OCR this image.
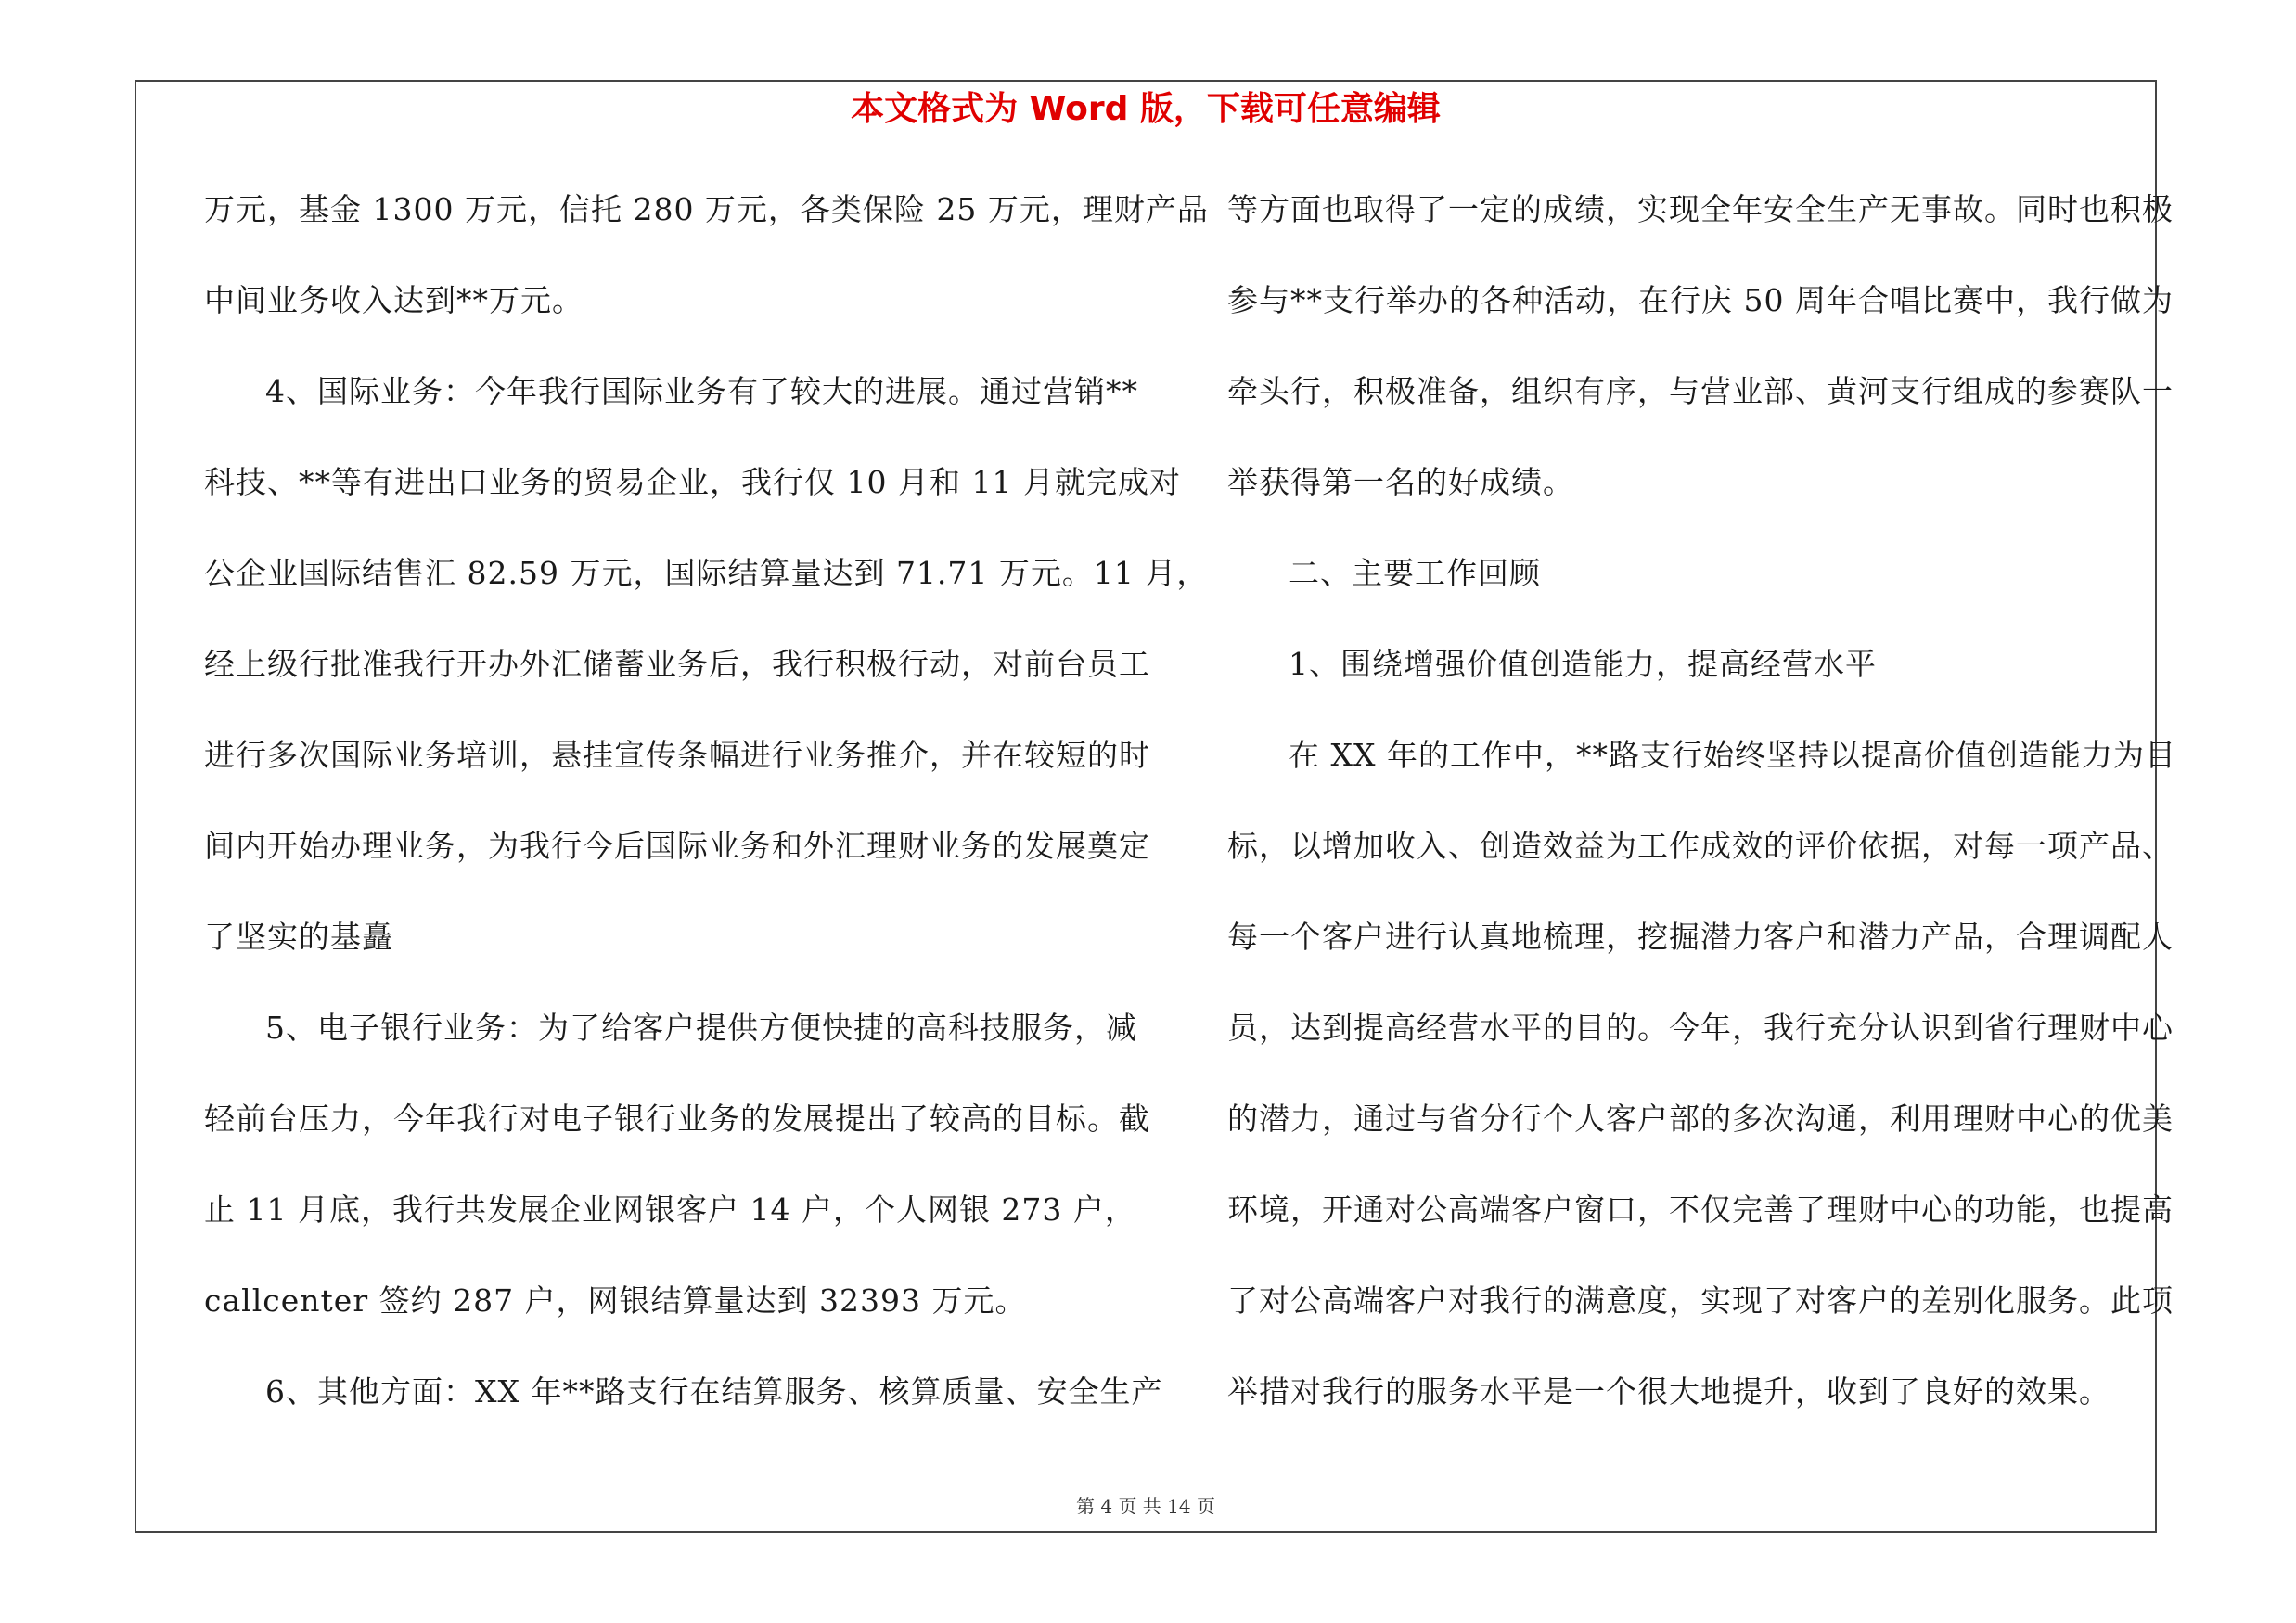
本文格式为 Word 版，下载可任意编辑
万元，基金 1300 万元，信托 280 万元，各类保险 25 万元，理财产品
中间业务收入达到**万元。
4、国际业务：今年我行国际业务有了较大的进展。通过营销**
科技、**等有进出口业务的贸易企业，我行仅 10 月和 11 月就完成对
公企业国际结售汇 82.59 万元，国际结算量达到 71.71 万元。11 月，
经上级行批准我行开办外汇储蓄业务后，我行积极行动，对前台员工
进行多次国际业务培训，悬挂宣传条幅进行业务推介，并在较短的时
间内开始办理业务，为我行今后国际业务和外汇理财业务的发展奠定
了坚实的基矗
5、电子银行业务：为了给客户提供方便快捷的高科技服务，减
轻前台压力，今年我行对电子银行业务的发展提出了较高的目标。截
止 11 月底，我行共发展企业网银客户 14 户，个人网银 273 户，
callcenter 签约 287 户，网银结算量达到 32393 万元。
6、其他方面：XX 年**路支行在结算服务、核算质量、安全生产
等方面也取得了一定的成绩，实现全年安全生产无事故。同时也积极
参与**支行举办的各种活动，在行庆 50 周年合唱比赛中，我行做为
牵头行，积极准备，组织有序，与营业部、黄河支行组成的参赛队一
举获得第一名的好成绩。
二、主要工作回顾
1、围绕增强价值创造能力，提高经营水平
在 XX 年的工作中，**路支行始终坚持以提高价值创造能力为目
标，以增加收入、创造效益为工作成效的评价依据，对每一项产品、
每一个客户进行认真地梳理，挖掘潜力客户和潜力产品，合理调配人
员，达到提高经营水平的目的。今年，我行充分认识到省行理财中心
的潜力，通过与省分行个人客户部的多次沟通，利用理财中心的优美
环境，开通对公高端客户窗口，不仅完善了理财中心的功能，也提高
了对公高端客户对我行的满意度，实现了对客户的差别化服务。此项
举措对我行的服务水平是一个很大地提升，收到了良好的效果。
第 4 页 共 14 页
